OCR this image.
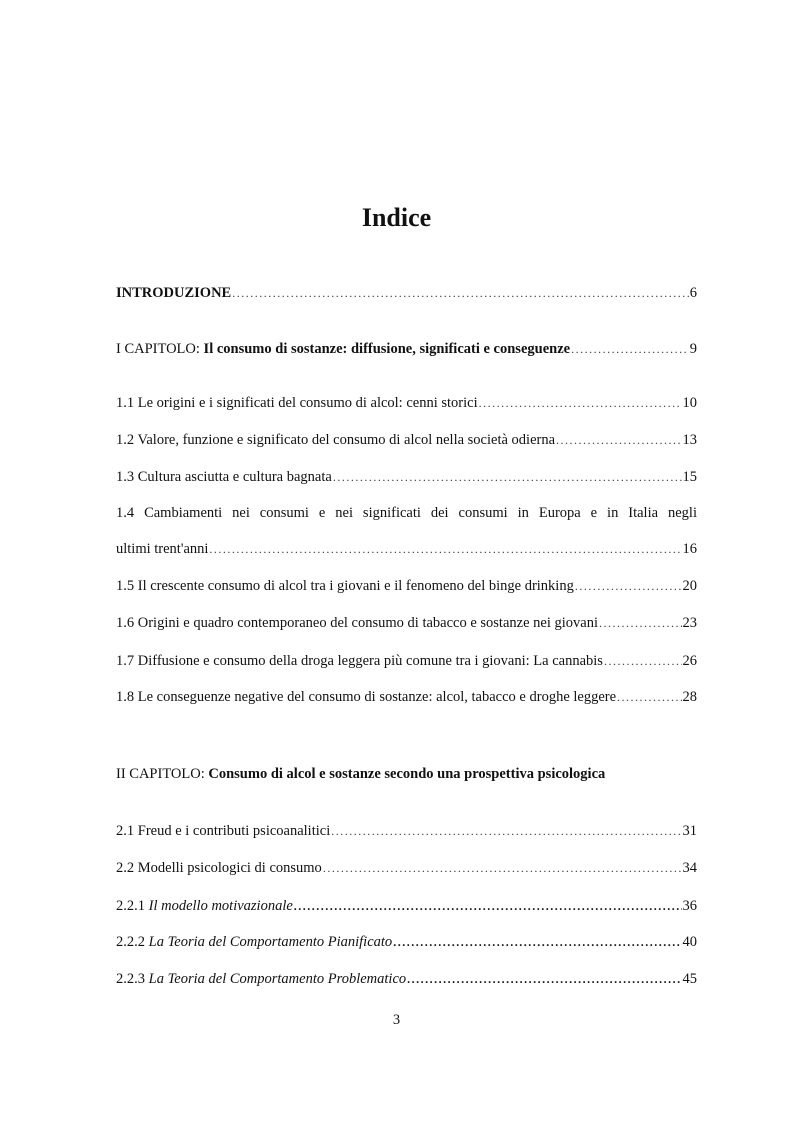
Indice
INTRODUZIONE .....	6
I CAPITOLO: Il consumo di sostanze: diffusione, significati e conseguenze .....	9
1.1 Le origini e i significati del consumo di alcol: cenni storici .....	10
1.2 Valore, funzione e significato del consumo di alcol nella società odierna .....	13
1.3 Cultura asciutta e cultura bagnata .....	15
1.4 Cambiamenti nei consumi e nei significati dei consumi in Europa e in Italia negli
ultimi trent'anni .....	16
1.5 Il crescente consumo di alcol tra i giovani e il fenomeno del binge drinking .....	20
1.6 Origini e quadro contemporaneo del consumo di tabacco e sostanze nei giovani .....	23
1.7 Diffusione e consumo della droga leggera più comune tra i giovani: La cannabis .....	26
1.8 Le conseguenze negative del consumo di sostanze: alcol, tabacco e droghe leggere .....	28
II CAPITOLO: Consumo di alcol e sostanze secondo una prospettiva psicologica
2.1 Freud e i contributi psicoanalitici .....	31
2.2 Modelli psicologici di consumo .....	34
2.2.1 Il modello motivazionale .....	36
2.2.2 La Teoria del Comportamento Pianificato .....	40
2.2.3 La Teoria del Comportamento Problematico .....	45
3
